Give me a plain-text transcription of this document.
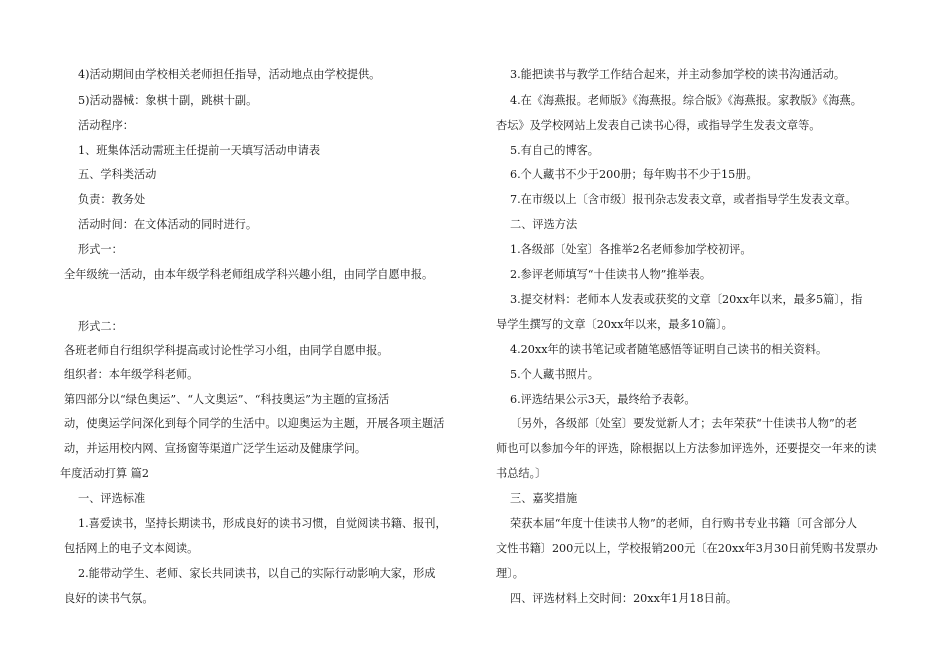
4)活动期间由学校相关老师担任指导，活动地点由学校提供。
5)活动器械：象棋十副，跳棋十副。
活动程序：
1、班集体活动需班主任提前一天填写活动申请表
五、学科类活动
负责：教务处
活动时间：在文体活动的同时进行。
形式一：
全年级统一活动，由本年级学科老师组成学科兴趣小组，由同学自愿申报。
形式二：
各班老师自行组织学科提高或讨论性学习小组，由同学自愿申报。
组织者：本年级学科老师。
第四部分以“绿色奥运”、“人文奥运”、“科技奥运”为主题的宣扬活
动，使奥运学问深化到每个同学的生活中。以迎奥运为主题，开展各项主题活
动，并运用校内网、宣扬窗等渠道广泛学生运动及健康学问。
年度活动打算 篇2
一、评选标准
1.喜爱读书，坚持长期读书，形成良好的读书习惯，自觉阅读书籍、报刊，
包括网上的电子文本阅读。
2.能带动学生、老师、家长共同读书，以自己的实际行动影响大家，形成
良好的读书气氛。
3.能把读书与教学工作结合起来，并主动参加学校的读书沟通活动。
4.在《海燕报。老师版》《海燕报。综合版》《海燕报。家教版》《海燕。
杏坛》及学校网站上发表自己读书心得，或指导学生发表文章等。
5.有自己的博客。
6.个人藏书不少于200册；每年购书不少于15册。
7.在市级以上〔含市级〕报刊杂志发表文章，或者指导学生发表文章。
二、评选方法
1.各级部〔处室〕各推举2名老师参加学校初评。
2.参评老师填写“十佳读书人物”推举表。
3.提交材料：老师本人发表或获奖的文章〔20xx年以来，最多5篇〕，指
导学生撰写的文章〔20xx年以来，最多10篇〕。
4.20xx年的读书笔记或者随笔感悟等证明自己读书的相关资料。
5.个人藏书照片。
6.评选结果公示3天，最终给予表彰。
〔另外，各级部〔处室〕要发觉新人才；去年荣获“十佳读书人物”的老
师也可以参加今年的评选，除根据以上方法参加评选外，还要提交一年来的读
书总结。〕
三、嘉奖措施
荣获本届“年度十佳读书人物”的老师，自行购书专业书籍〔可含部分人
文性书籍〕200元以上，学校报销200元〔在20xx年3月30日前凭购书发票办
理〕。
四、评选材料上交时间：20xx年1月18日前。
